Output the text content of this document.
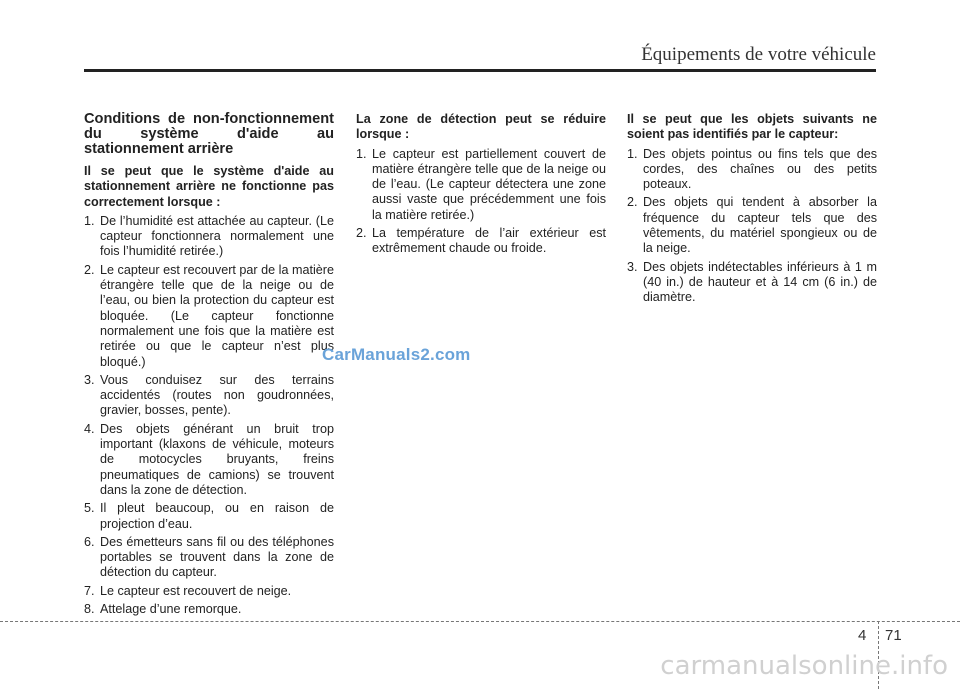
Équipements de votre véhicule
Conditions de non-fonctionnement du système d'aide au stationnement arrière
Il se peut que le système d'aide au stationnement arrière ne fonctionne pas correctement lorsque :
1. De l’humidité est attachée au capteur. (Le capteur fonctionnera normalement une fois l’humidité retirée.)
2. Le capteur est recouvert par de la matière étrangère telle que de la neige ou de l’eau, ou bien la protection du capteur est bloquée. (Le capteur fonctionne normalement une fois que la matière est retirée ou que le capteur n’est plus bloqué.)
3. Vous conduisez sur des terrains accidentés (routes non goudronnées, gravier, bosses, pente).
4. Des objets générant un bruit trop important (klaxons de véhicule, moteurs de motocycles bruyants, freins pneumatiques de camions) se trouvent dans la zone de détection.
5. Il pleut beaucoup, ou en raison de projection d’eau.
6. Des émetteurs sans fil ou des téléphones portables se trouvent dans la zone de détection du capteur.
7. Le capteur est recouvert de neige.
8. Attelage d’une remorque.
La zone de détection peut se réduire lorsque :
1. Le capteur est partiellement couvert de matière étrangère telle que de la neige ou de l’eau. (Le capteur détectera une zone aussi vaste que précédemment une fois la matière retirée.)
2. La température de l’air extérieur est extrêmement chaude ou froide.
Il se peut que les objets suivants ne soient pas identifiés par le capteur:
1. Des objets pointus ou fins tels que des cordes, des chaînes ou des petits poteaux.
2. Des objets qui tendent à absorber la fréquence du capteur tels que des vêtements, du matériel spongieux ou de la neige.
3. Des objets indétectables inférieurs à 1 m (40 in.) de hauteur et à 14 cm (6 in.) de diamètre.
CarManuals2.com
4 71
carmanualsonline.info
